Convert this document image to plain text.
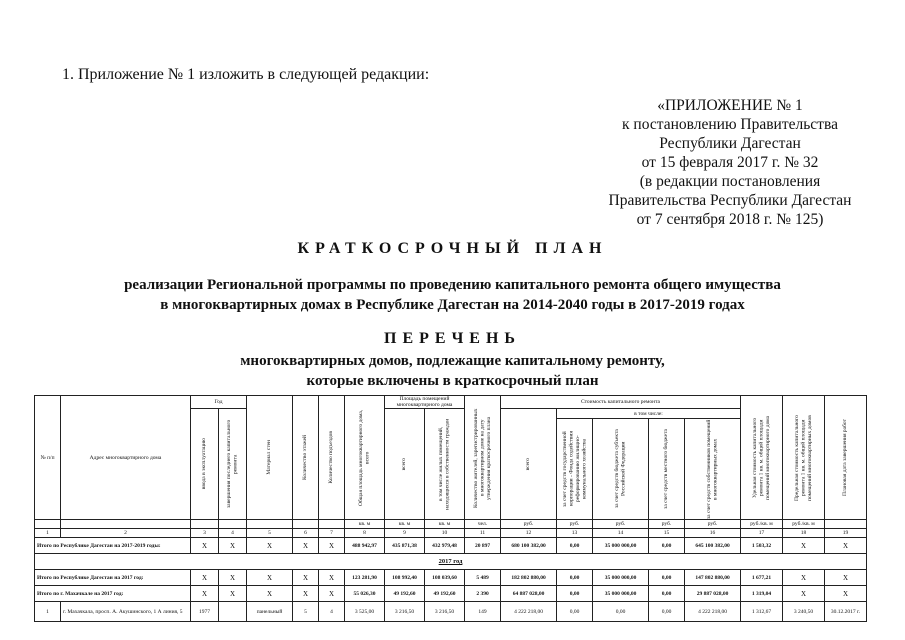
1. Приложение № 1 изложить в следующей редакции:
«ПРИЛОЖЕНИЕ № 1
к постановлению Правительства
Республики Дагестан
от 15 февраля 2017 г. № 32
(в редакции постановления
Правительства Республики Дагестан
от 7 сентября 2018 г. № 125)
КРАТКОСРОЧНЫЙ ПЛАН
реализации Региональной программы по проведению капитального ремонта общего имущества
в многоквартирных домах в Республике Дагестан на 2014-2040 годы в 2017-2019 годах
ПЕРЕЧЕНЬ
многоквартирных домов, подлежащие капитальному ремонту,
которые включены в краткосрочный план
№ п/п	Адрес многоквартирного дома	Год		Материал стен	Количество этажей	Количество подъездов	Общая площадь многоквартирного дома, всего	Площадь помещений многоквартирного дома		Количество жителей, зарегистрированных в многоквартирном доме на дату утверждения краткосрочного плана	Стоимость капитального ремонта					Удельная стоимость капитального ремонта 1 кв. м. общей площади помещений многоквартирного дома	Предельная стоимость капитального ремонта 1 кв. м. общей площади помещений многоквартирных домов	Плановая дата завершения работ

		ввода в эксплуатацию	завершения последнего капитального ремонта					всего	в том числе жилых помещений, находящихся в собственности граждан		всего	в том числе:						

												за счет средств государственной корпорации - Фонда содействия реформированию жилищно-коммунального хозяйства	за счет средств бюджета субъекта Российской Федерации	за счет средств местного бюджета	за счет средств собственников помещений в многоквартирных домах			

							кв. м	кв. м	кв. м	чел.	руб.	руб.	руб.	руб.	руб.	руб./кв. м	руб./кв. м	
1	2	3	4	5	6	7	8	9	10	11	12	13	14	15	16	17	18	19
Итого по Республике Дагестан на 2017-2019 годы:		X	X	X	X	X	488 942,97	435 871,38	432 979,48	20 897	680 100 382,00	0,00	35 000 000,00	0,00	645 100 382,00	1 503,32	X	X
2017 год																		
Итого по Республике Дагестан на 2017 год:		X	X	X	X	X	123 281,90	108 992,40	108 039,60	5 489	182 802 880,00	0,00	35 000 000,00	0,00	147 802 880,00	1 677,21	X	X
Итого по г. Махачкале на 2017 год:		X	X	X	X	X	55 026,30	49 192,60	49 192,60	2 390	64 887 028,00	0,00	35 000 000,00	0,00	29 887 028,00	1 319,04	X	X
1	г. Махачкала, просп. А. Акушинского, 1 А линия, 5	1977		панельный	5	4	3 525,00	3 216,50	3 216,50	149	4 222 218,00	0,00	0,00	0,00	4 222 218,00	1 312,67	3 240,50	30.12.2017 г.
